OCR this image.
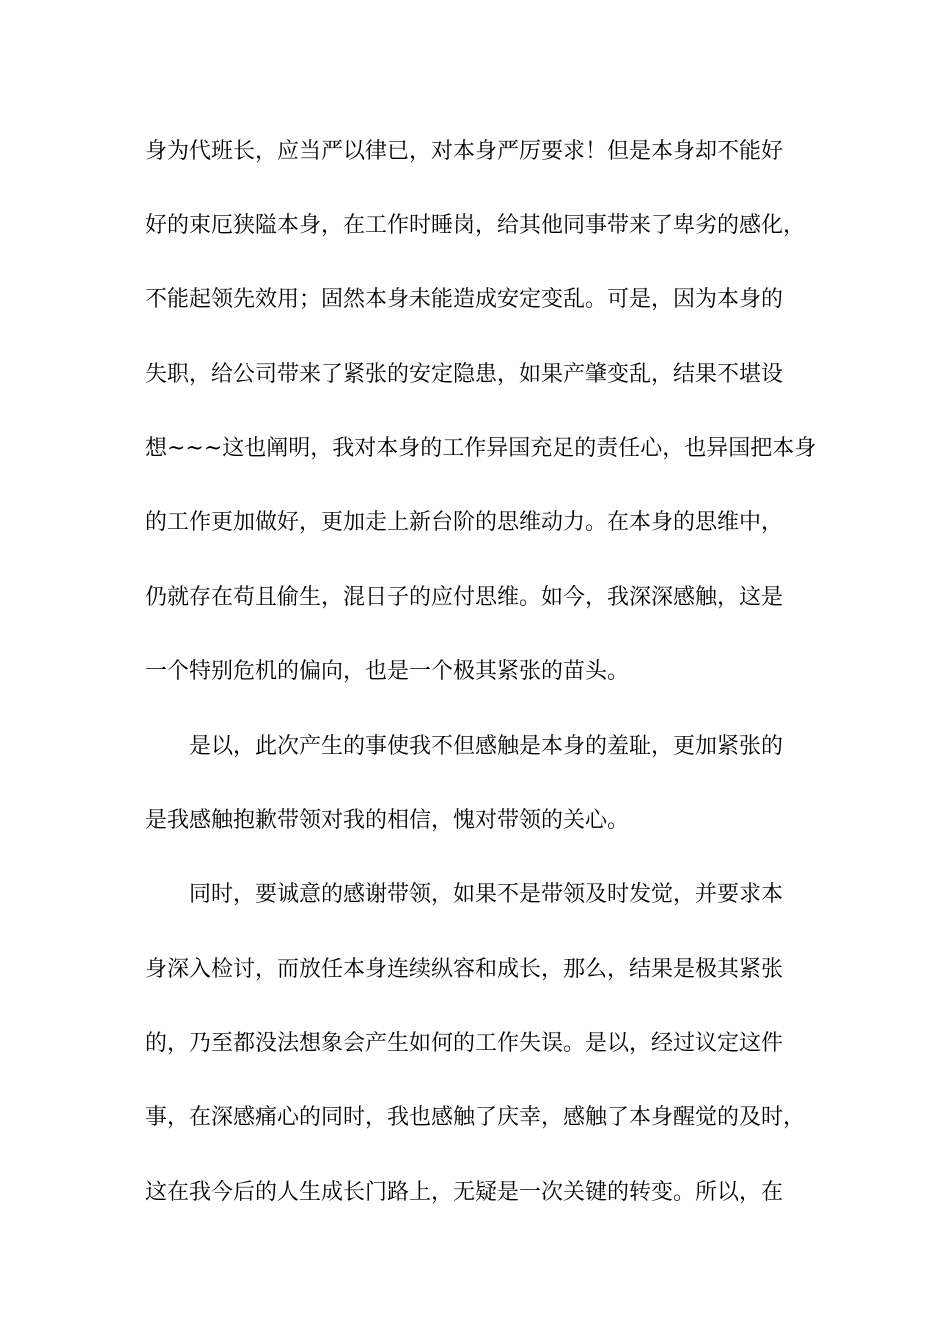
身为代班长，应当严以律已，对本身严厉要求！但是本身却不能好
好的束厄狭隘本身，在工作时睡岗，给其他同事带来了卑劣的感化，
不能起领先效用；固然本身未能造成安定变乱。可是，因为本身的
失职，给公司带来了紧张的安定隐患，如果产肇变乱，结果不堪设
想~~~这也阐明，我对本身的工作异国充足的责任心，也异国把本身
的工作更加做好，更加走上新台阶的思维动力。在本身的思维中，
仍就存在苟且偷生，混日子的应付思维。如今，我深深感触，这是
一个特别危机的偏向，也是一个极其紧张的苗头。
是以，此次产生的事使我不但感触是本身的羞耻，更加紧张的
是我感触抱歉带领对我的相信，愧对带领的关心。
同时，要诚意的感谢带领，如果不是带领及时发觉，并要求本
身深入检讨，而放任本身连续纵容和成长，那么，结果是极其紧张
的，乃至都没法想象会产生如何的工作失误。是以，经过议定这件
事，在深感痛心的同时，我也感触了庆幸，感触了本身醒觉的及时，
这在我今后的人生成长门路上，无疑是一次关键的转变。所以，在
